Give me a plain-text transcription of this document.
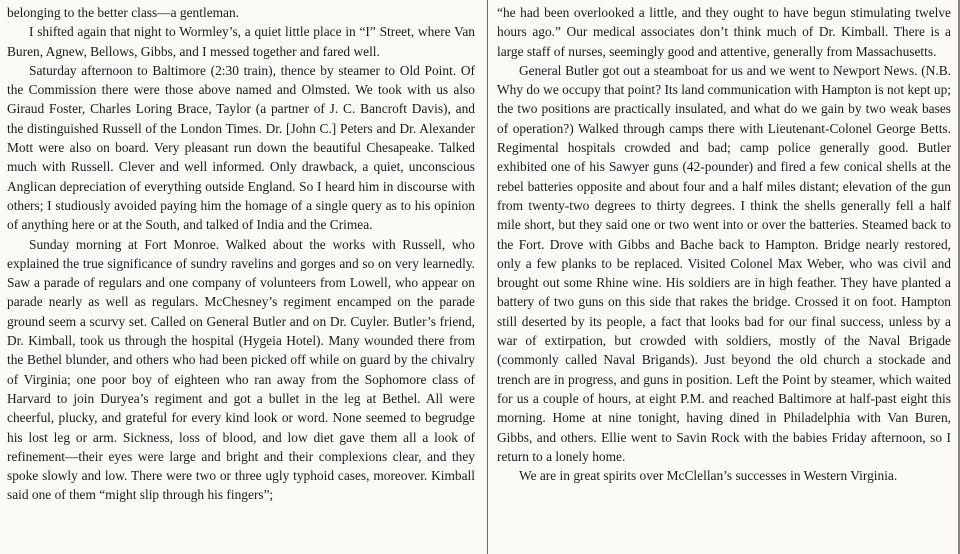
belonging to the better class—a gentleman.

I shifted again that night to Wormley’s, a quiet little place in “I” Street, where Van Buren, Agnew, Bellows, Gibbs, and I messed together and fared well.

Saturday afternoon to Baltimore (2:30 train), thence by steamer to Old Point. Of the Commission there were those above named and Olmsted. We took with us also Giraud Foster, Charles Loring Brace, Taylor (a partner of J. C. Bancroft Davis), and the distinguished Russell of the London Times. Dr. [John C.] Peters and Dr. Alexander Mott were also on board. Very pleasant run down the beautiful Chesapeake. Talked much with Russell. Clever and well informed. Only drawback, a quiet, unconscious Anglican depreciation of everything outside England. So I heard him in discourse with others; I studiously avoided paying him the homage of a single query as to his opinion of anything here or at the South, and talked of India and the Crimea.

Sunday morning at Fort Monroe. Walked about the works with Russell, who explained the true significance of sundry ravelins and gorges and so on very learnedly. Saw a parade of regulars and one company of volunteers from Lowell, who appear on parade nearly as well as regulars. McChesney’s regiment encamped on the parade ground seem a scurvy set. Called on General Butler and on Dr. Cuyler. Butler’s friend, Dr. Kimball, took us through the hospital (Hygeia Hotel). Many wounded there from the Bethel blunder, and others who had been picked off while on guard by the chivalry of Virginia; one poor boy of eighteen who ran away from the Sophomore class of Harvard to join Duryea’s regiment and got a bullet in the leg at Bethel. All were cheerful, plucky, and grateful for every kind look or word. None seemed to begrudge his lost leg or arm. Sickness, loss of blood, and low diet gave them all a look of refinement—their eyes were large and bright and their complexions clear, and they spoke slowly and low. There were two or three ugly typhoid cases, moreover. Kimball said one of them “might slip through his fingers”;

“he had been overlooked a little, and they ought to have begun stimulating twelve hours ago.” Our medical associates don’t think much of Dr. Kimball. There is a large staff of nurses, seemingly good and attentive, generally from Massachusetts.

General Butler got out a steamboat for us and we went to Newport News. (N.B. Why do we occupy that point? Its land communication with Hampton is not kept up; the two positions are practically insulated, and what do we gain by two weak bases of operation?) Walked through camps there with Lieutenant-Colonel George Betts. Regimental hospitals crowded and bad; camp police generally good. Butler exhibited one of his Sawyer guns (42-pounder) and fired a few conical shells at the rebel batteries opposite and about four and a half miles distant; elevation of the gun from twenty-two degrees to thirty degrees. I think the shells generally fell a half mile short, but they said one or two went into or over the batteries. Steamed back to the Fort. Drove with Gibbs and Bache back to Hampton. Bridge nearly restored, only a few planks to be replaced. Visited Colonel Max Weber, who was civil and brought out some Rhine wine. His soldiers are in high feather. They have planted a battery of two guns on this side that rakes the bridge. Crossed it on foot. Hampton still deserted by its people, a fact that looks bad for our final success, unless by a war of extirpation, but crowded with soldiers, mostly of the Naval Brigade (commonly called Naval Brigands). Just beyond the old church a stockade and trench are in progress, and guns in position. Left the Point by steamer, which waited for us a couple of hours, at eight P.M. and reached Baltimore at half-past eight this morning. Home at nine tonight, having dined in Philadelphia with Van Buren, Gibbs, and others. Ellie went to Savin Rock with the babies Friday afternoon, so I return to a lonely home.

We are in great spirits over McClellan’s successes in Western Virginia.
